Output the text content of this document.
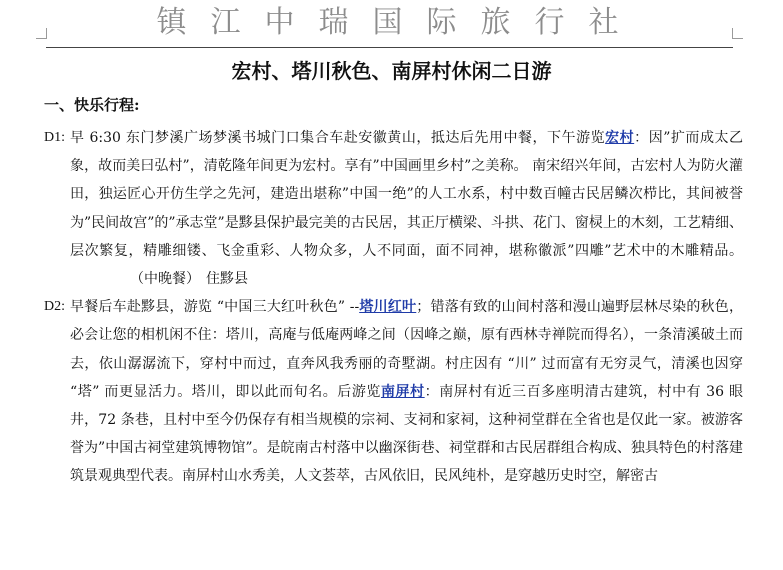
镇江中瑞国际旅行社
宏村、塔川秋色、南屏村休闲二日游
一、快乐行程:
D1: 早 6:30 东门梦溪广场梦溪书城门口集合车赴安徽黄山，抵达后先用中餐，下午游览宏村：因”扩而成太乙象，故而美曰弘村”，清乾隆年间更为宏村。享有”中国画里乡村”之美称。 南宋绍兴年间，古宏村人为防火灌田，独运匠心开仿生学之先河，建造出堪称”中国一绝”的人工水系，村中数百幢古民居鳞次栉比，其间被誉为”民间故宫”的”承志堂”是黟县保护最完美的古民居，其正厅横梁、斗拱、花门、窗棂上的木刻，工艺精细、层次繁复，精雕细镂、飞金重彩、人物众多，人不同面，面不同神，堪称徽派”四雕”艺术中的木雕精品。（中晚餐） 住黟县
D2: 早餐后车赴黟县，游览 “中国三大红叶秋色” --塔川红叶；错落有致的山间村落和漫山遍野层林尽染的秋色，必会让您的相机闲不住：塔川，高庵与低庵两峰之间（因峰之巅，原有西林寺禅院而得名），一条清溪破土而去，依山潺潺流下，穿村中而过，直奔风我秀丽的奇墅湖。村庄因有 “川” 过而富有无穷灵气，清溪也因穿 “塔” 而更显活力。塔川，即以此而旬名。后游览南屏村：南屏村有近三百多座明清古建筑，村中有 36 眼井，72 条巷，且村中至今仍保存有相当规模的宗祠、支祠和家祠，这种祠堂群在全省也是仅此一家。被游客誉为”中国古祠堂建筑博物馆”。是皖南古村落中以幽深街巷、祠堂群和古民居群组合构成、独具特色的村落建筑景观典型代表。南屏村山水秀美，人文荟萃，古风依旧，民风纯朴，是穿越历史时空，解密古
